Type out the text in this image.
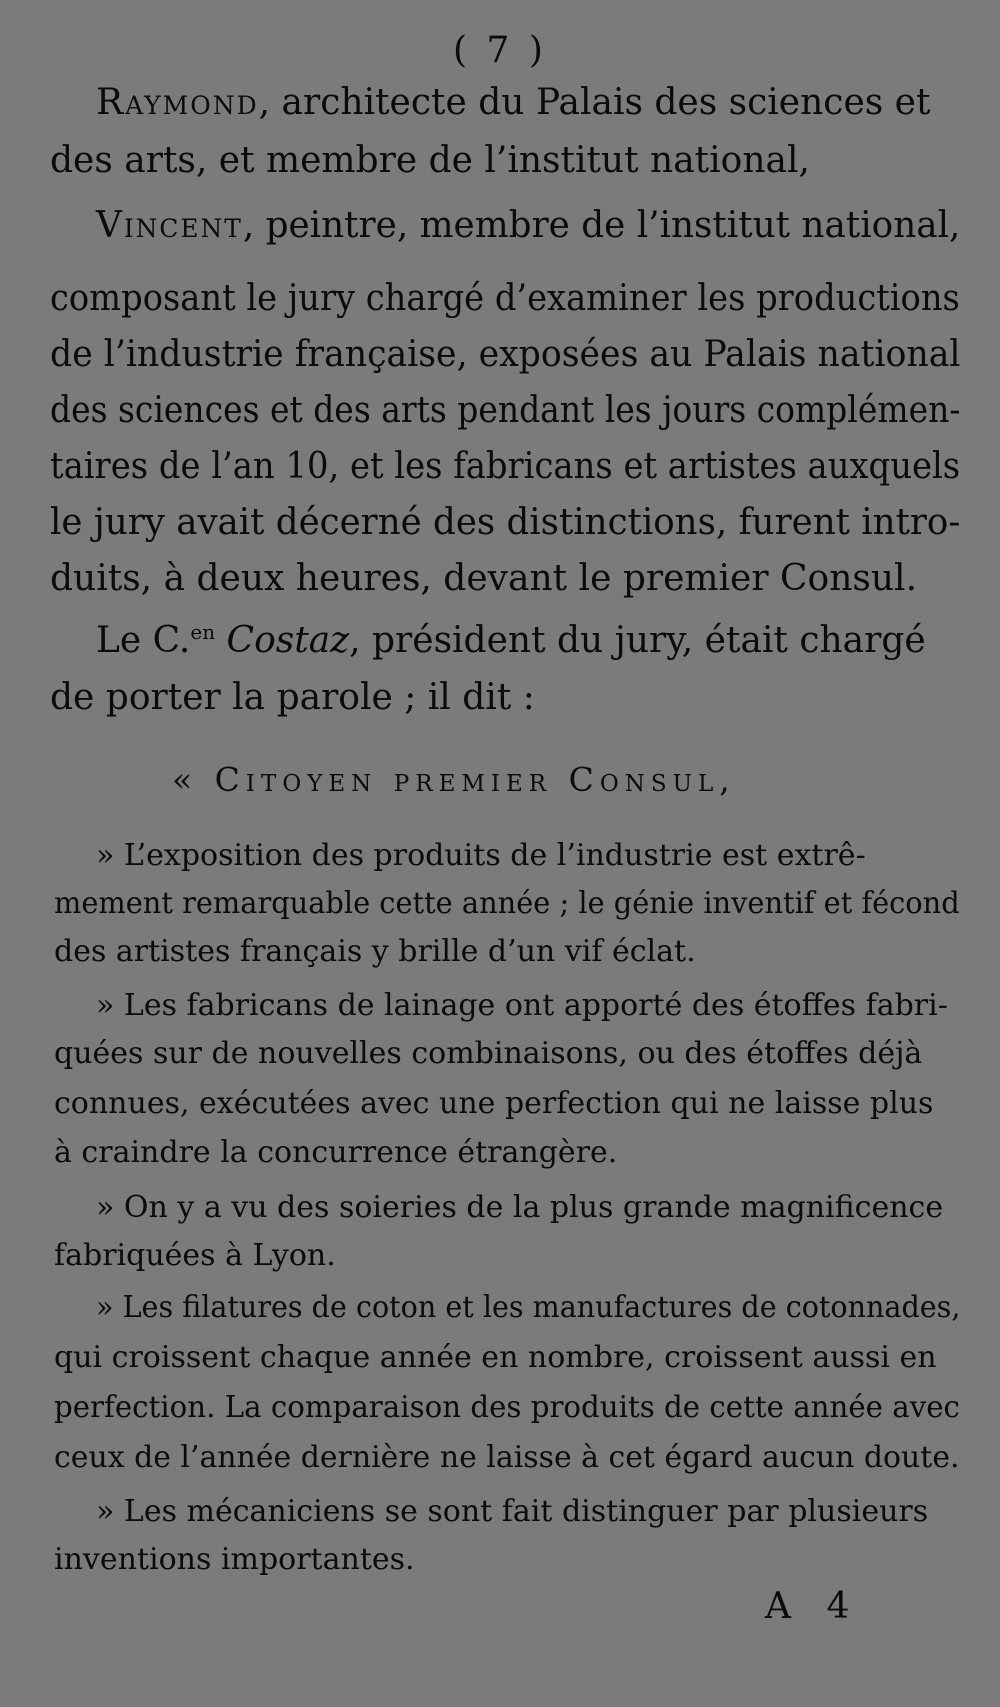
( 7 )
Raymond, architecte du Palais des sciences et
des arts, et membre de l’institut national,
Vincent, peintre, membre de l’institut national,
composant le jury chargé d’examiner les productions
de l’industrie française, exposées au Palais national
des sciences et des arts pendant les jours complémen-
taires de l’an 10, et les fabricans et artistes auxquels
le jury avait décerné des distinctions, furent intro-
duits, à deux heures, devant le premier Consul.
Le C.$^{en}$ Costaz, président du jury, était chargé
de porter la parole ; il dit :
« Citoyen premier Consul,
» L’exposition des produits de l’industrie est extrê-
mement remarquable cette année ; le génie inventif et fécond
des artistes français y brille d’un vif éclat.
» Les fabricans de lainage ont apporté des étoffes fabri-
quées sur de nouvelles combinaisons, ou des étoffes déjà
connues, exécutées avec une perfection qui ne laisse plus
à craindre la concurrence étrangère.
» On y a vu des soieries de la plus grande magnificence
fabriquées à Lyon.
» Les filatures de coton et les manufactures de cotonnades,
qui croissent chaque année en nombre, croissent aussi en
perfection. La comparaison des produits de cette année avec
ceux de l’année dernière ne laisse à cet égard aucun doute.
» Les mécaniciens se sont fait distinguer par plusieurs
inventions importantes.
A 4
